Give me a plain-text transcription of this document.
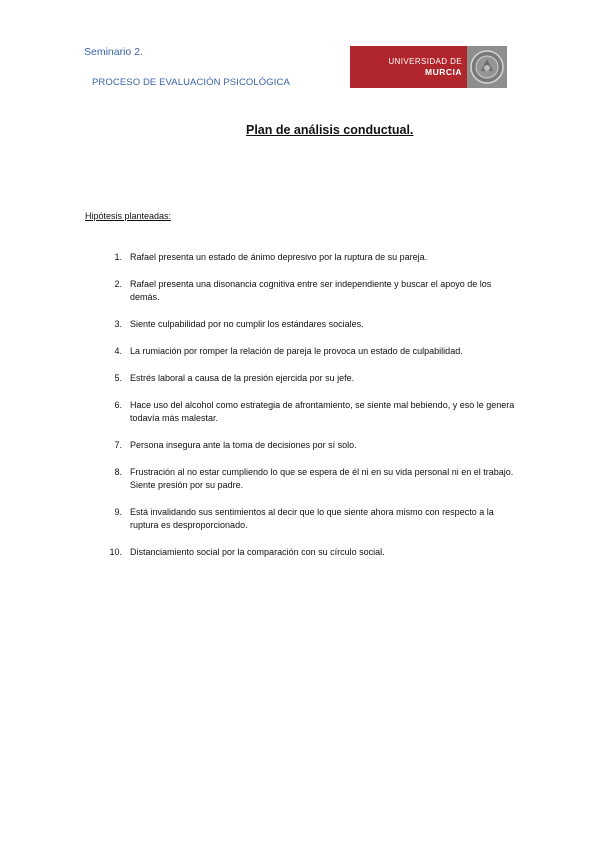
Seminario 2.
PROCESO DE EVALUACIÓN PSICOLÓGICA
UNIVERSIDAD DE
MURCIA
Plan de análisis conductual.
Hipótesis planteadas:
1. Rafael presenta un estado de ánimo depresivo por la ruptura de su pareja.
2. Rafael presenta una disonancia cognitiva entre ser independiente y buscar el apoyo de los demás.
3. Siente culpabilidad por no cumplir los estándares sociales.
4. La rumiación por romper la relación de pareja le provoca un estado de culpabilidad.
5. Estrés laboral a causa de la presión ejercida por su jefe.
6. Hace uso del alcohol como estrategia de afrontamiento, se siente mal bebiendo, y eso le genera todavía más malestar.
7. Persona insegura ante la toma de decisiones por sí solo.
8. Frustración al no estar cumpliendo lo que se espera de él ni en su vida personal ni en el trabajo. Siente presión por su padre.
9. Está invalidando sus sentimientos al decir que lo que siente ahora mismo con respecto a la ruptura es desproporcionado.
10. Distanciamiento social por la comparación con su círculo social.
